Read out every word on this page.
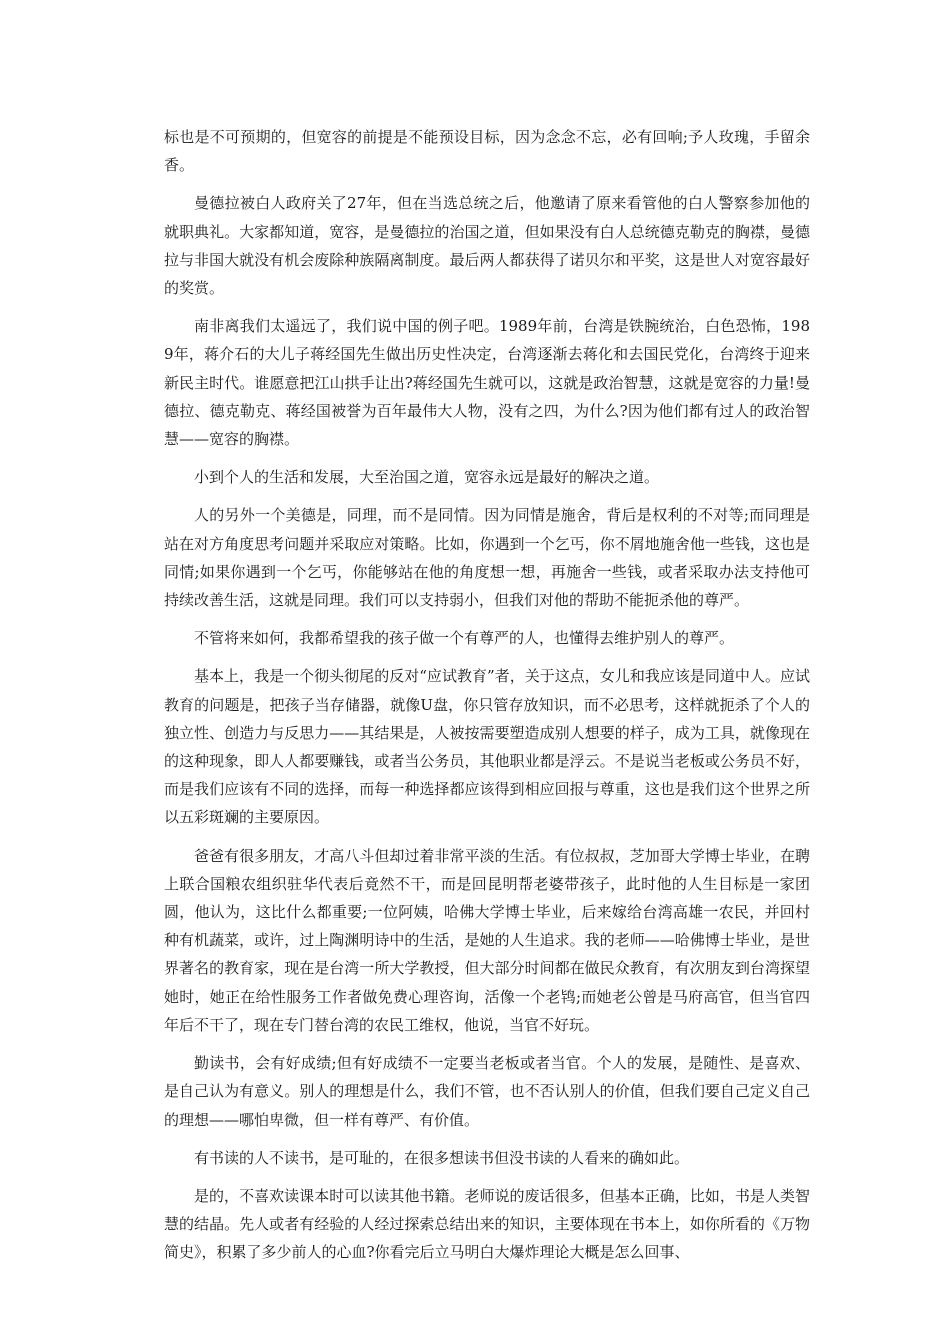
标也是不可预期的，但宽容的前提是不能预设目标，因为念念不忘，必有回响;予人玫瑰，手留余香。

曼德拉被白人政府关了27年，但在当选总统之后，他邀请了原来看管他的白人警察参加他的就职典礼。大家都知道，宽容，是曼德拉的治国之道，但如果没有白人总统德克勒克的胸襟，曼德拉与非国大就没有机会废除种族隔离制度。最后两人都获得了诺贝尔和平奖，这是世人对宽容最好的奖赏。

南非离我们太遥远了，我们说中国的例子吧。1989年前，台湾是铁腕统治，白色恐怖，1989年，蒋介石的大儿子蒋经国先生做出历史性决定，台湾逐渐去蒋化和去国民党化，台湾终于迎来新民主时代。谁愿意把江山拱手让出?蒋经国先生就可以，这就是政治智慧，这就是宽容的力量!曼德拉、德克勒克、蒋经国被誉为百年最伟大人物，没有之四，为什么?因为他们都有过人的政治智慧——宽容的胸襟。

小到个人的生活和发展，大至治国之道，宽容永远是最好的解决之道。

人的另外一个美德是，同理，而不是同情。因为同情是施舍，背后是权利的不对等;而同理是站在对方角度思考问题并采取应对策略。比如，你遇到一个乞丐，你不屑地施舍他一些钱，这也是同情;如果你遇到一个乞丐，你能够站在他的角度想一想，再施舍一些钱，或者采取办法支持他可持续改善生活，这就是同理。我们可以支持弱小，但我们对他的帮助不能扼杀他的尊严。

不管将来如何，我都希望我的孩子做一个有尊严的人，也懂得去维护别人的尊严。

基本上，我是一个彻头彻尾的反对“应试教育”者，关于这点，女儿和我应该是同道中人。应试教育的问题是，把孩子当存储器，就像U盘，你只管存放知识，而不必思考，这样就扼杀了个人的独立性、创造力与反思力——其结果是，人被按需要塑造成别人想要的样子，成为工具，就像现在的这种现象，即人人都要赚钱，或者当公务员，其他职业都是浮云。不是说当老板或公务员不好，而是我们应该有不同的选择，而每一种选择都应该得到相应回报与尊重，这也是我们这个世界之所以五彩斑斓的主要原因。

爸爸有很多朋友，才高八斗但却过着非常平淡的生活。有位叔叔，芝加哥大学博士毕业，在聘上联合国粮农组织驻华代表后竟然不干，而是回昆明帮老婆带孩子，此时他的人生目标是一家团圆，他认为，这比什么都重要;一位阿姨，哈佛大学博士毕业，后来嫁给台湾高雄一农民，并回村种有机蔬菜，或许，过上陶渊明诗中的生活，是她的人生追求。我的老师——哈佛博士毕业，是世界著名的教育家，现在是台湾一所大学教授，但大部分时间都在做民众教育，有次朋友到台湾探望她时，她正在给性服务工作者做免费心理咨询，活像一个老鸨;而她老公曾是马府高官，但当官四年后不干了，现在专门替台湾的农民工维权，他说，当官不好玩。

勤读书，会有好成绩;但有好成绩不一定要当老板或者当官。个人的发展，是随性、是喜欢、是自己认为有意义。别人的理想是什么，我们不管，也不否认别人的价值，但我们要自己定义自己的理想——哪怕卑微，但一样有尊严、有价值。

有书读的人不读书，是可耻的，在很多想读书但没书读的人看来的确如此。

是的，不喜欢读课本时可以读其他书籍。老师说的废话很多，但基本正确，比如，书是人类智慧的结晶。先人或者有经验的人经过探索总结出来的知识，主要体现在书本上，如你所看的《万物简史》，积累了多少前人的心血?你看完后立马明白大爆炸理论大概是怎么回事、
